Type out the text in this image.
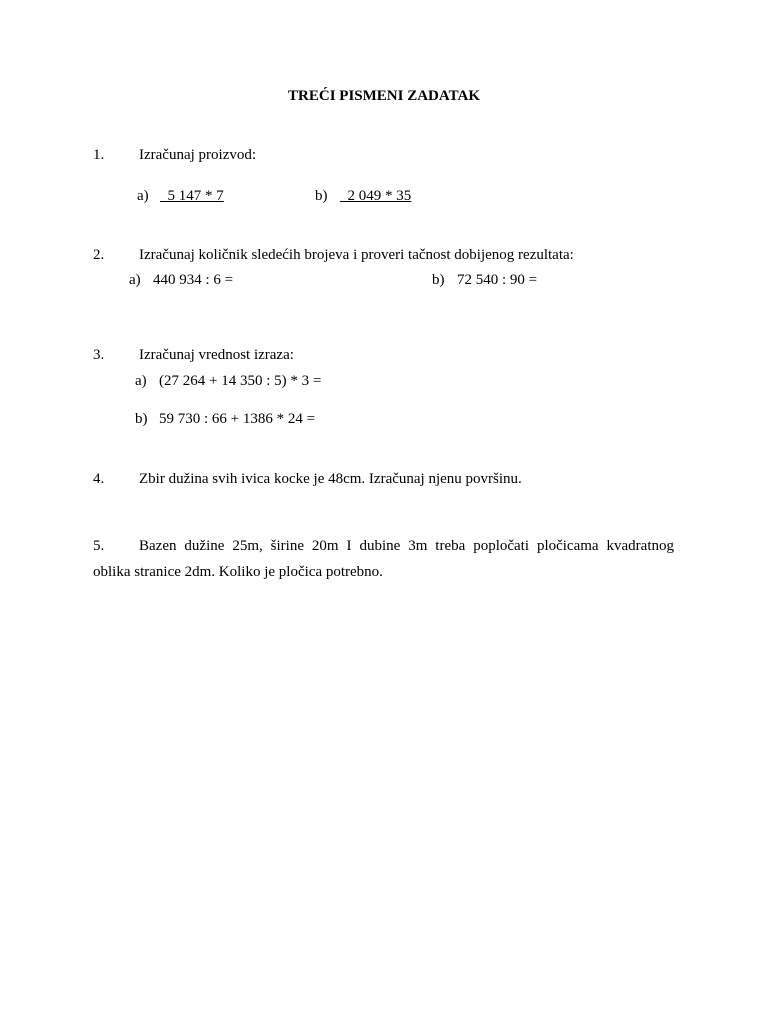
TREĆI PISMENI ZADATAK
1. Izračunaj proizvod:
a) 5 147 * 7	b) 2 049 * 35
2. Izračunaj količnik sledećih brojeva i proveri tačnost dobijenog rezultata:
a) 440 934 : 6 =	b) 72 540 : 90 =
3. Izračunaj vrednost izraza:
a) (27 264 + 14 350 : 5) * 3 =
b) 59 730 : 66 + 1386 * 24 =
4. Zbir dužina svih ivica kocke je 48cm. Izračunaj njenu površinu.
5. Bazen dužine 25m, širine 20m I dubine 3m treba popločati pločicama kvadratnog
oblika stranice 2dm. Koliko je pločica potrebno.
